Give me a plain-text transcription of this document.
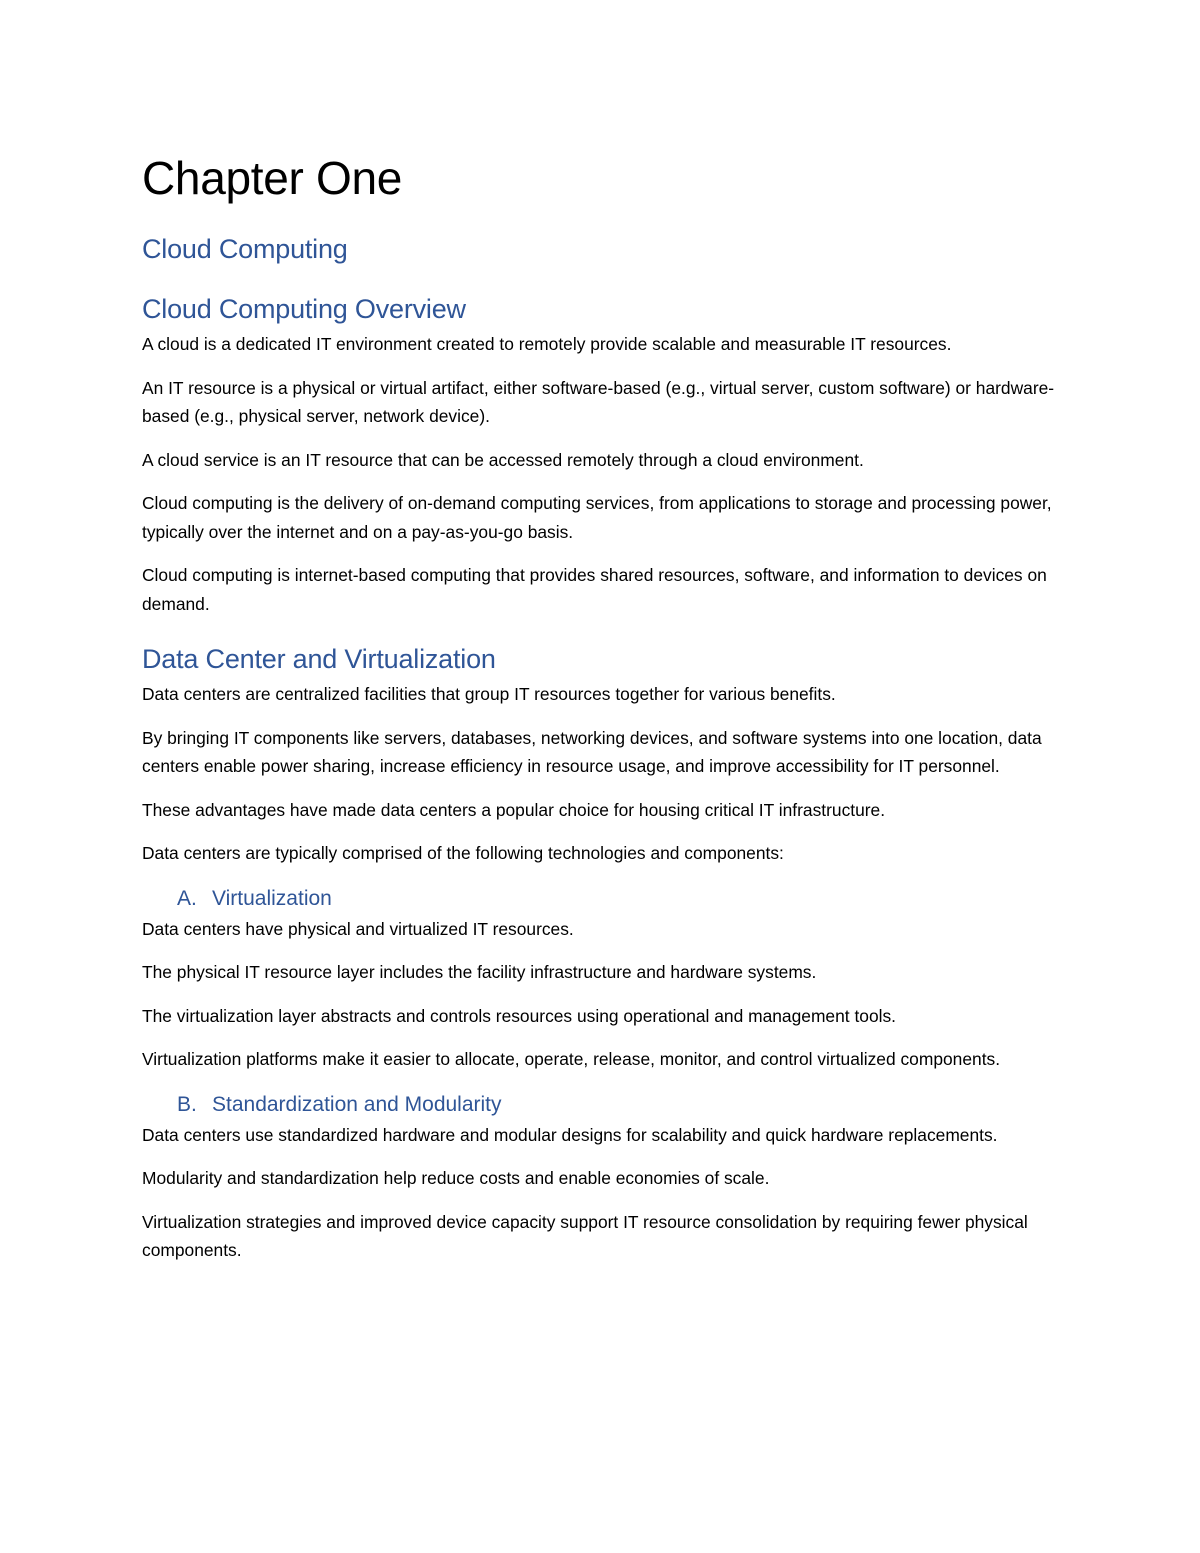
Chapter One
Cloud Computing
Cloud Computing Overview

A cloud is a dedicated IT environment created to remotely provide scalable and measurable IT resources.

An IT resource is a physical or virtual artifact, either software-based (e.g., virtual server, custom software) or hardware-based (e.g., physical server, network device).

A cloud service is an IT resource that can be accessed remotely through a cloud environment.

Cloud computing is the delivery of on-demand computing services, from applications to storage and processing power, typically over the internet and on a pay-as-you-go basis.

Cloud computing is internet-based computing that provides shared resources, software, and information to devices on demand.

Data Center and Virtualization

Data centers are centralized facilities that group IT resources together for various benefits.

By bringing IT components like servers, databases, networking devices, and software systems into one location, data centers enable power sharing, increase efficiency in resource usage, and improve accessibility for IT personnel.

These advantages have made data centers a popular choice for housing critical IT infrastructure.

Data centers are typically comprised of the following technologies and components:

A. Virtualization

Data centers have physical and virtualized IT resources.

The physical IT resource layer includes the facility infrastructure and hardware systems.

The virtualization layer abstracts and controls resources using operational and management tools.

Virtualization platforms make it easier to allocate, operate, release, monitor, and control virtualized components.

B. Standardization and Modularity

Data centers use standardized hardware and modular designs for scalability and quick hardware replacements.

Modularity and standardization help reduce costs and enable economies of scale.

Virtualization strategies and improved device capacity support IT resource consolidation by requiring fewer physical components.
